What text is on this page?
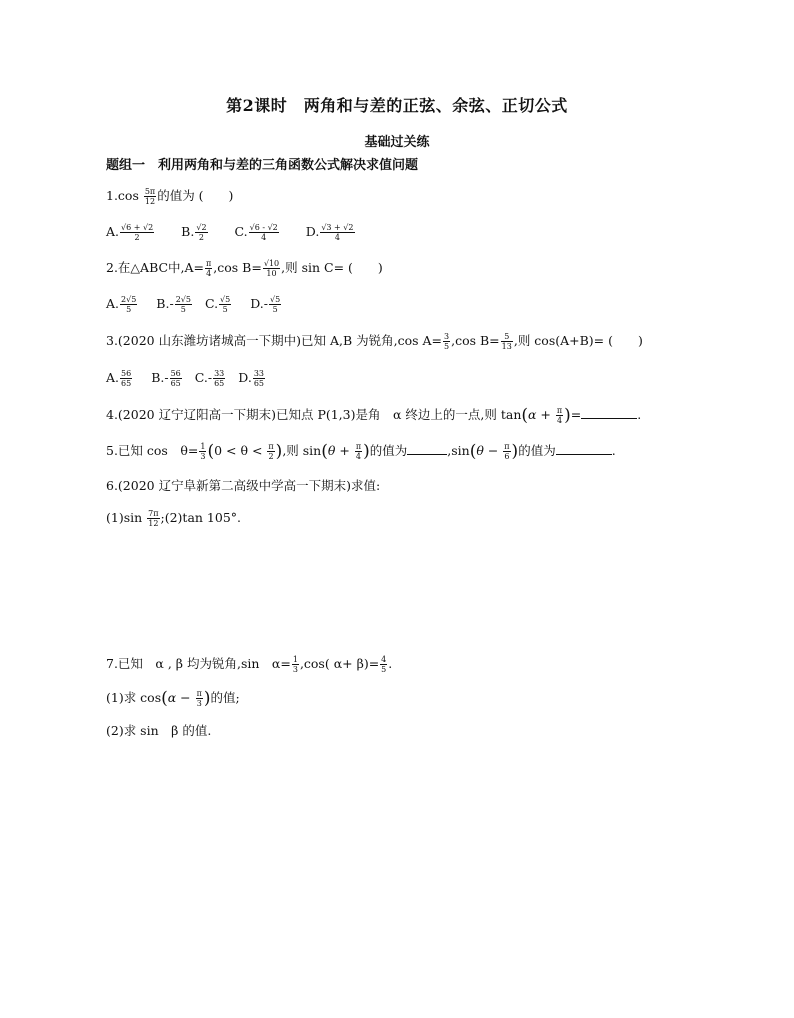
第2课时　两角和与差的正弦、余弦、正切公式
基础过关练
题组一　利用两角和与差的三角函数公式解决求值问题
$1.\cos \frac{5\pi}{12}$ 的值为 (　　)
A. $\frac{√6 + √2}{2} B$. $\frac{√2}{2} C$. $\frac{√6 - √2}{4} D$. $\frac{√3 + √2}{4}$
2.在△ABC中$,A= \frac{\pi}{4} ,\cos$ $B= \frac{√10}{10}$ ,则 sin C= (　　)
A. $\frac{2√5}{5} B.- \frac{2√5}{5} C$. $\frac{√5}{5} D.- \frac{√5}{5}$
3.(2020 山东潍坊诸城高一下期中)已知 A,B 为锐角,cos $A= \frac{3}{5} ,\cos$ $B= \frac{5}{13}$ ,则 cos(A+B)= (　　)
A. $\frac{56}{65} B.- \frac{56}{65} C.- \frac{33}{65} D$. $\frac{33}{65}$
4.(2020 辽宁辽阳高一下期末)已知点 P(1,3)是角　α 终边上的一点,则 $\tan(\alpha + \frac{\pi}{4}$ )=	.
5.已知 cos　$\theta= \frac{1}{3} (0 < \theta < \frac{\pi}{2}$ ),则 $\sin(\theta + \frac{\pi}{4}$ )的值为	$,\sin(\theta - \frac{\pi}{6}$ )的值为	.
6.(2020 辽宁阜新第二高级中学高一下期末)求值:
$(1)\sin \frac{7\pi}{12}$ ;(2)tan 105°.
7.已知　α , β 均为锐角,sin　$\alpha= \frac{1}{3} ,\cos$( $\alpha+ \beta)= \frac{4}{5}$ .
(1)求 $\cos(\alpha - \frac{\pi}{3}$ )的值;
(2)求 sin　β 的值.
